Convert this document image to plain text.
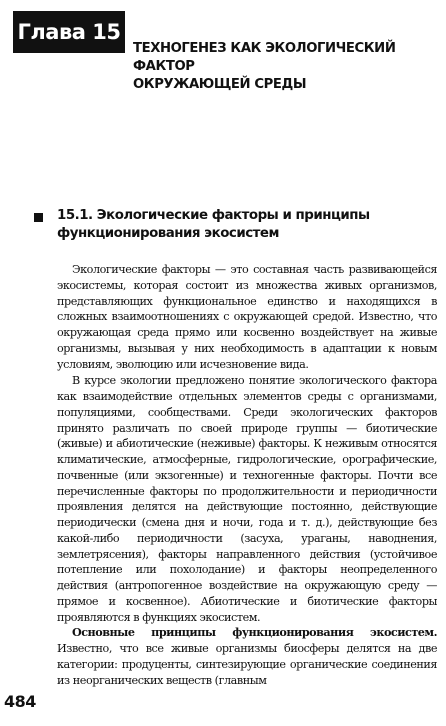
Глава 15
ТЕХНОГЕНЕЗ КАК ЭКОЛОГИЧЕСКИЙ ФАКТОР
ОКРУЖАЮЩЕЙ СРЕДЫ
15.1. Экологические факторы и принципы
функционирования экосистем

Экологические факторы — это составная часть развивающейся экосистемы, которая состоит из множества живых организмов, представляющих функциональное единство и находящихся в сложных взаимоотношениях с окружающей средой. Известно, что окружающая среда прямо или косвенно воздействует на живые организмы, вызывая у них необходимость в адаптации к новым условиям, эволюцию или исчезновение вида.

В курсе экологии предложено понятие экологического фактора как взаимодействие отдельных элементов среды с организмами, популяциями, сообществами. Среди экологических факторов принято различать по своей природе группы — биотические (живые) и абиотические (неживые) факторы. К неживым относятся климатические, атмосферные, гидрологические, орографические, почвенные (или экзогенные) и техногенные факторы. Почти все перечисленные факторы по продолжительности и периодичности проявления делятся на действующие постоянно, действующие периодически (смена дня и ночи, года и т. д.), действующие без какой-либо периодичности (засуха, ураганы, наводнения, землетрясения), факторы направленного действия (устойчивое потепление или похолодание) и факторы неопределенного действия (антропогенное воздействие на окружающую среду — прямое и косвенное). Абиотические и биотические факторы проявляются в функциях экосистем.

Основные принципы функционирования экосистем. Известно, что все живые организмы биосферы делятся на две категории: продуценты, синтезирующие органические соединения из неорганических веществ (главным

484
